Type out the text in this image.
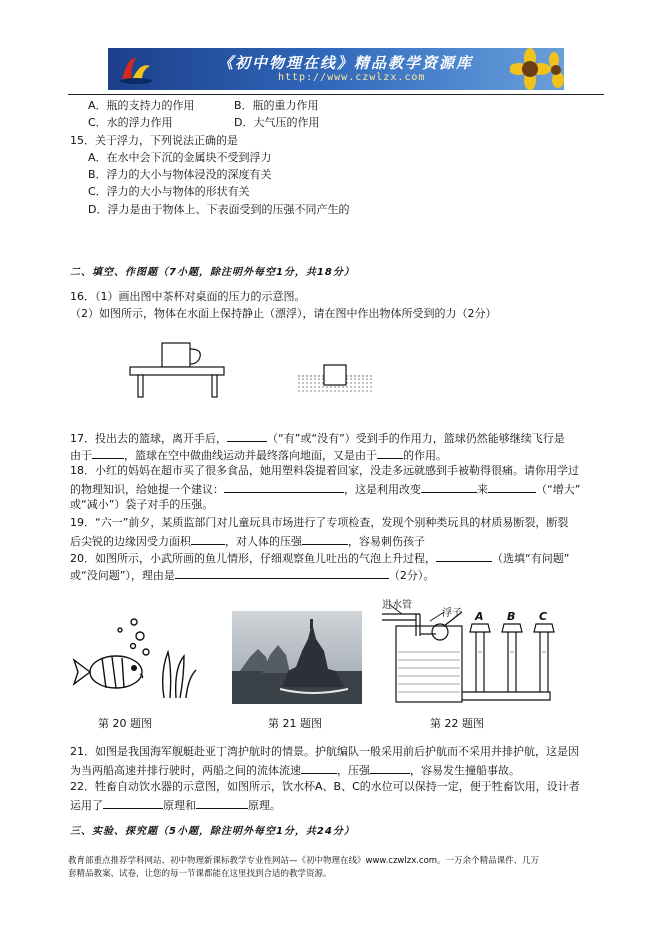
《初中物理在线》精品教学资源库
http://www.czwlzx.com
A．瓶的支持力的作用	B．瓶的重力作用
C．水的浮力作用	D．大气压的作用
15．关于浮力，下列说法正确的是
A．在水中会下沉的金属块不受到浮力
B．浮力的大小与物体浸没的深度有关
C．浮力的大小与物体的形状有关
D．浮力是由于物体上、下表面受到的压强不同产生的
二、填空、作图题（7小题，除注明外每空1分，共18分）
16．（1）画出图中茶杯对桌面的压力的示意图。
（2）如图所示，物体在水面上保持静止（漂浮），请在图中作出物体所受到的力（2分）
17．投出去的篮球，离开手后，	（“有”或“没有”）受到手的作用力，篮球仍然能够继续飞行是
由于	，篮球在空中做曲线运动并最终落向地面，又是由于 的作用。
18．小红的妈妈在超市买了很多食品，她用塑料袋提着回家，没走多远就感到手被勒得很痛。请你用学过
的物理知识，给她提一个建议：	，这是利用改变	来	（“增大”
或“减小”）袋子对手的压强。
19．“六一”前夕，某质监部门对儿童玩具市场进行了专项检查，发现个别种类玩具的材质易断裂，断裂
后尖锐的边缘因受力面积	，对人体的压强	，容易刺伤孩子
20．如图所示，小武所画的鱼儿情形，仔细观察鱼儿吐出的气泡上升过程，	（选填“有问题”
或“没问题”），理由是	（2分）。
进水管
浮子 A B C
第 20 题图	第 21 题图	第 22 题图
21．如图是我国海军舰艇赴亚丁湾护航时的情景。护航编队一般采用前后护航而不采用并排护航，这是因
为当两船高速并排行驶时，两船之间的流体流速	，压强	，容易发生撞船事故。
22．牲畜自动饮水器的示意图，如图所示，饮水杯A、B、C的水位可以保持一定，便于牲畜饮用，设计者
运用了	原理和	原理。
三、实验、探究题（5小题，除注明外每空1分，共24分）
教育部重点推荐学科网站、初中物理新课标教学专业性网站—《初中物理在线》www.czwlzx.com。一万余个精品课件、几万
套精品教案、试卷，让您的每一节课都能在这里找到合适的教学资源。
